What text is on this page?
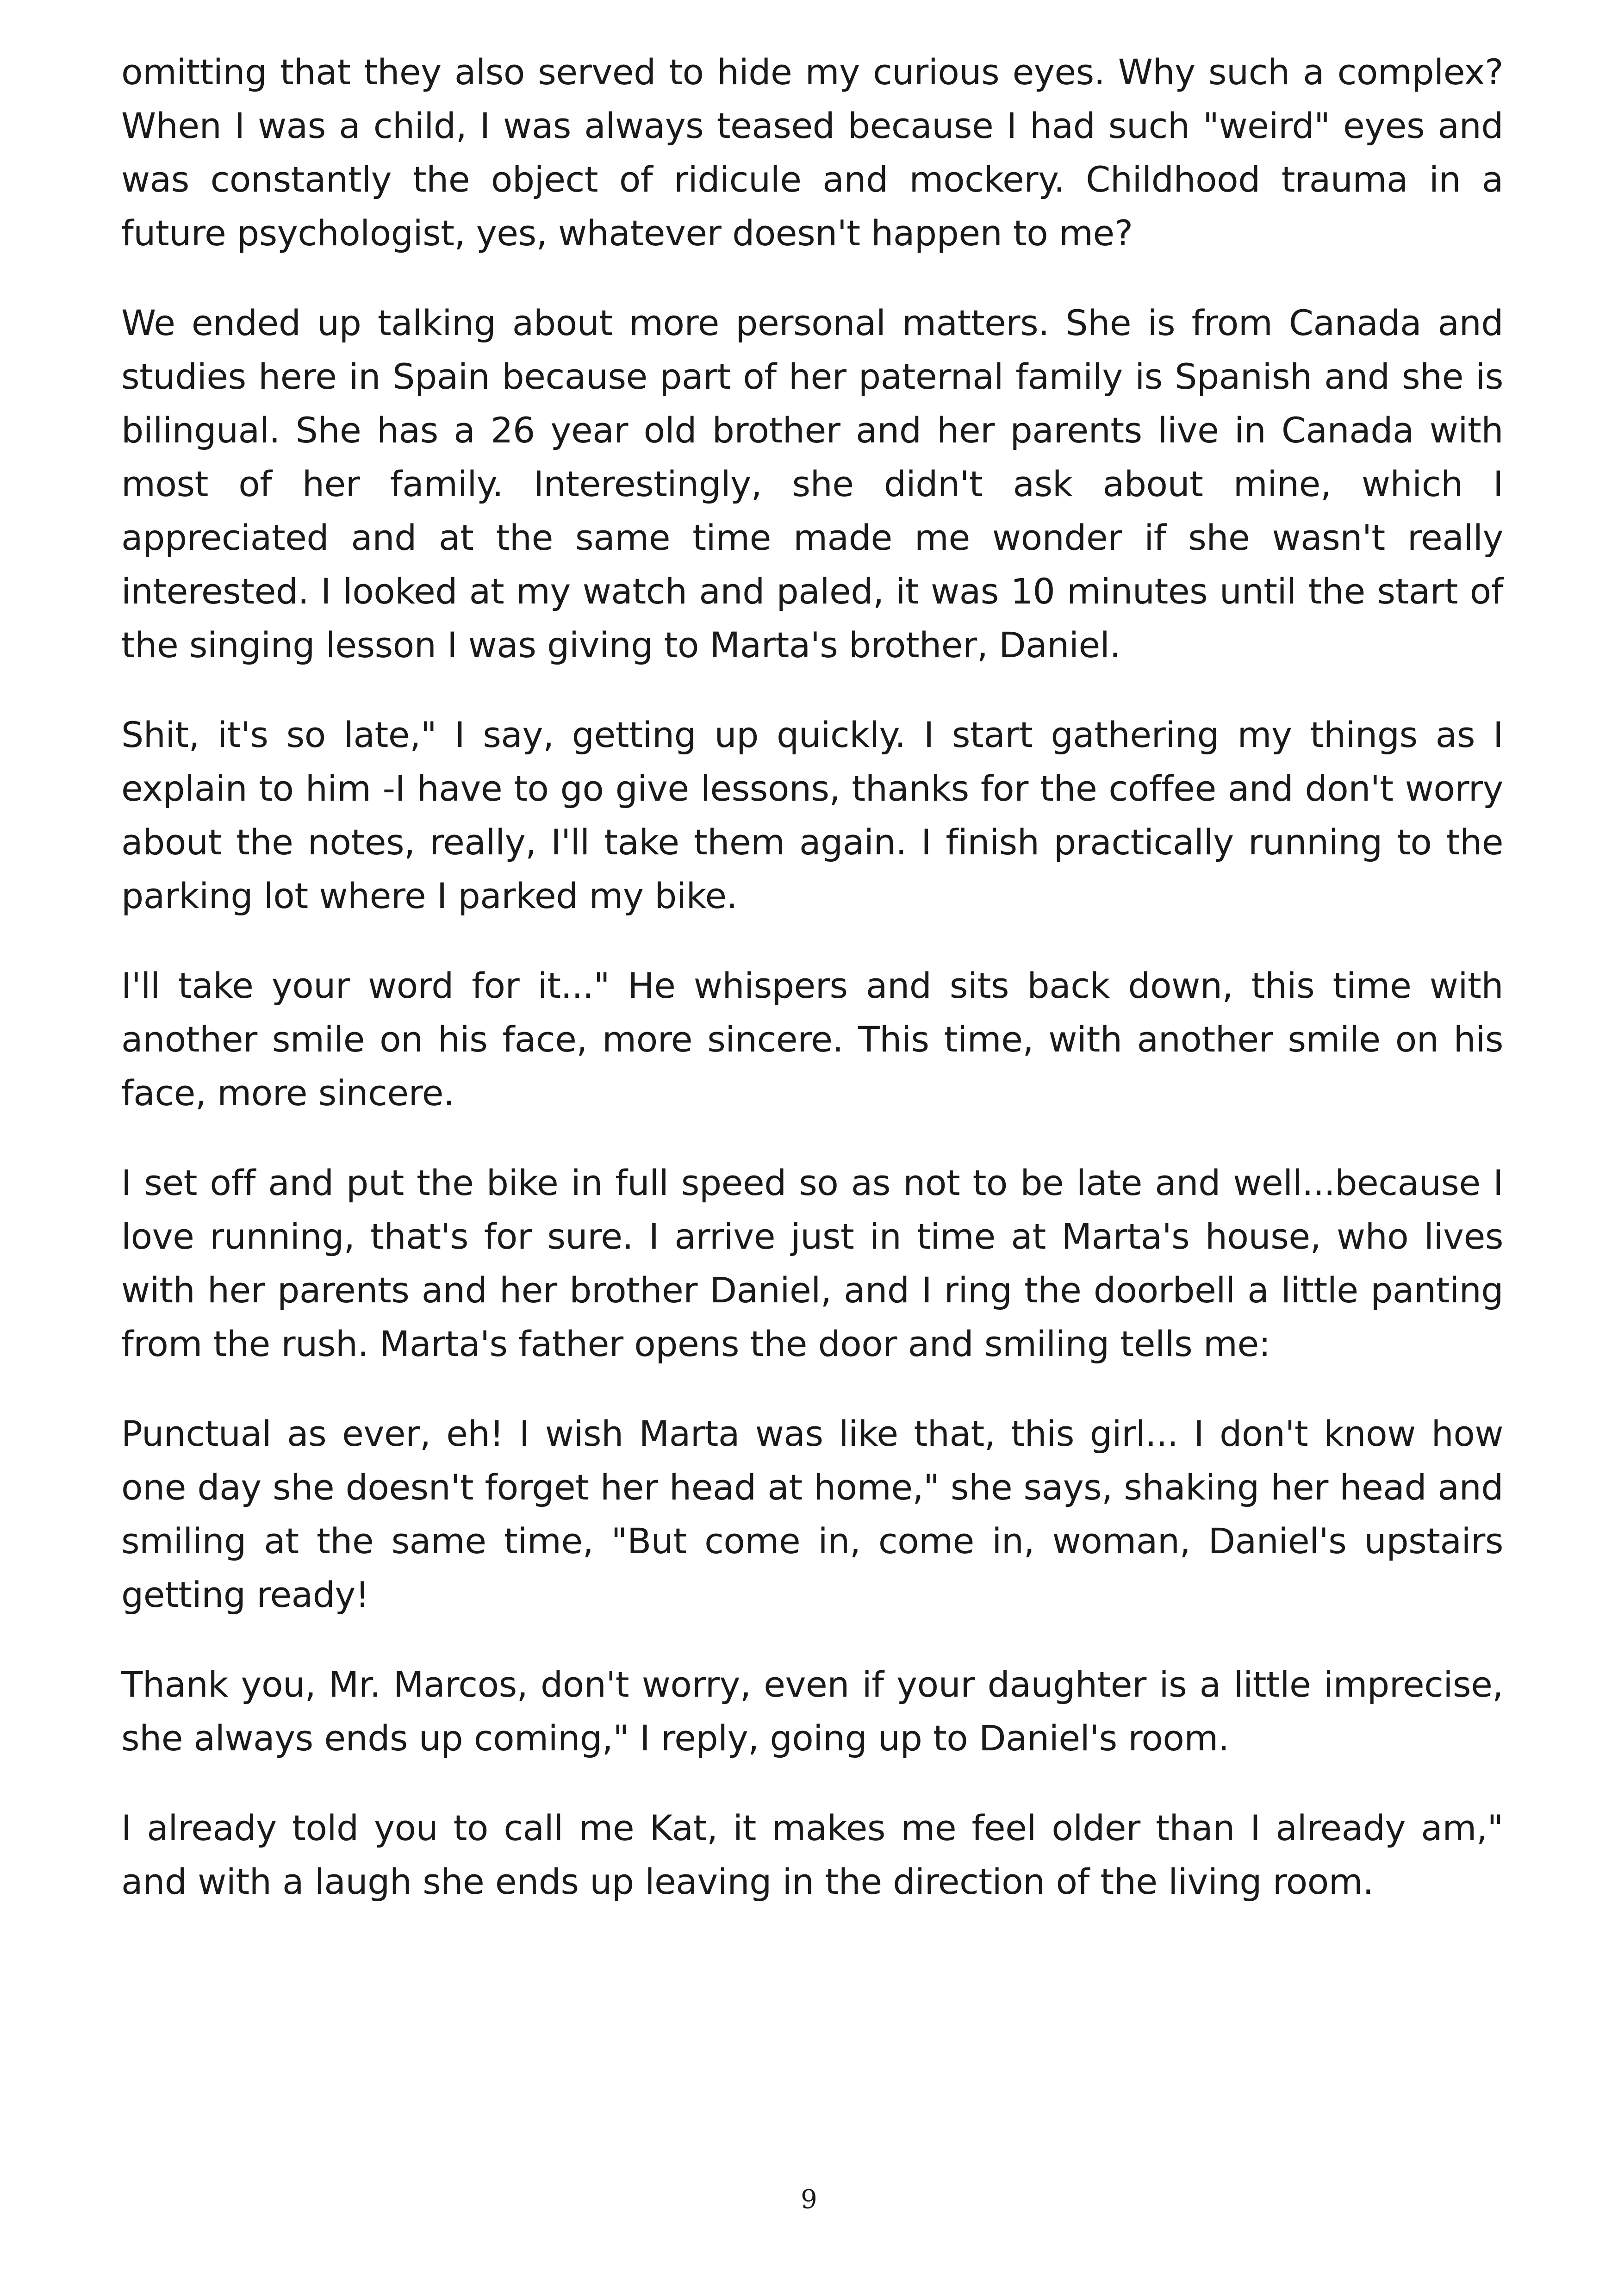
omitting that they also served to hide my curious eyes. Why such a complex? When I was a child, I was always teased because I had such "weird" eyes and was constantly the object of ridicule and mockery. Childhood trauma in a future psychologist, yes, whatever doesn't happen to me?

We ended up talking about more personal matters. She is from Canada and studies here in Spain because part of her paternal family is Spanish and she is bilingual. She has a 26 year old brother and her parents live in Canada with most of her family. Interestingly, she didn't ask about mine, which I appreciated and at the same time made me wonder if she wasn't really interested. I looked at my watch and paled, it was 10 minutes until the start of the singing lesson I was giving to Marta's brother, Daniel.

Shit, it's so late," I say, getting up quickly. I start gathering my things as I explain to him -I have to go give lessons, thanks for the coffee and don't worry about the notes, really, I'll take them again. I finish practically running to the parking lot where I parked my bike.

I'll take your word for it..." He whispers and sits back down, this time with another smile on his face, more sincere. This time, with another smile on his face, more sincere.

I set off and put the bike in full speed so as not to be late and well...because I love running, that's for sure. I arrive just in time at Marta's house, who lives with her parents and her brother Daniel, and I ring the doorbell a little panting from the rush. Marta's father opens the door and smiling tells me:

Punctual as ever, eh! I wish Marta was like that, this girl... I don't know how one day she doesn't forget her head at home," she says, shaking her head and smiling at the same time, "But come in, come in, woman, Daniel's upstairs getting ready!

Thank you, Mr. Marcos, don't worry, even if your daughter is a little imprecise, she always ends up coming," I reply, going up to Daniel's room.

I already told you to call me Kat, it makes me feel older than I already am," and with a laugh she ends up leaving in the direction of the living room.

9
